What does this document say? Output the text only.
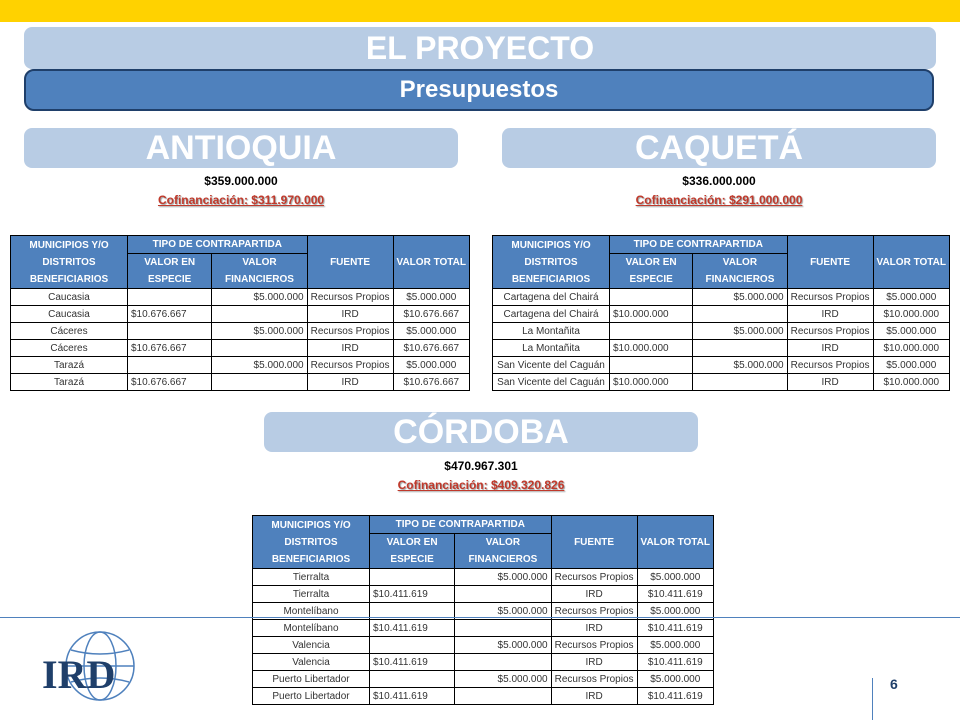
EL PROYECTO
Presupuestos
ANTIOQUIA
$359.000.000
Cofinanciación: $311.970.000
MUNICIPIOS Y/O DISTRITOS BENEFICIARIOS	TIPO DE CONTRAPARTIDA		FUENTE	VALOR TOTAL
	VALOR EN ESPECIE	VALOR FINANCIEROS		
Caucasia		$5.000.000	Recursos Propios	$5.000.000
Caucasia	$10.676.667		IRD	$10.676.667
Cáceres		$5.000.000	Recursos Propios	$5.000.000
Cáceres	$10.676.667		IRD	$10.676.667
Tarazá		$5.000.000	Recursos Propios	$5.000.000
Tarazá	$10.676.667		IRD	$10.676.667
CAQUETÁ
$336.000.000
Cofinanciación: $291.000.000
MUNICIPIOS Y/O DISTRITOS BENEFICIARIOS	TIPO DE CONTRAPARTIDA		FUENTE	VALOR TOTAL
	VALOR EN ESPECIE	VALOR FINANCIEROS		
Cartagena del Chairá		$5.000.000	Recursos Propios	$5.000.000
Cartagena del Chairá	$10.000.000		IRD	$10.000.000
La Montañita		$5.000.000	Recursos Propios	$5.000.000
La Montañita	$10.000.000		IRD	$10.000.000
San Vicente del Caguán		$5.000.000	Recursos Propios	$5.000.000
San Vicente del Caguán	$10.000.000		IRD	$10.000.000
CÓRDOBA
$470.967.301
Cofinanciación: $409.320.826
MUNICIPIOS Y/O DISTRITOS BENEFICIARIOS	TIPO DE CONTRAPARTIDA		FUENTE	VALOR TOTAL
	VALOR EN ESPECIE	VALOR FINANCIEROS		
Tierralta		$5.000.000	Recursos Propios	$5.000.000
Tierralta	$10.411.619		IRD	$10.411.619
Montelíbano		$5.000.000	Recursos Propios	$5.000.000
Montelíbano	$10.411.619		IRD	$10.411.619
Valencia		$5.000.000	Recursos Propios	$5.000.000
Valencia	$10.411.619		IRD	$10.411.619
Puerto Libertador		$5.000.000	Recursos Propios	$5.000.000
Puerto Libertador	$10.411.619		IRD	$10.411.619
IRD	6
